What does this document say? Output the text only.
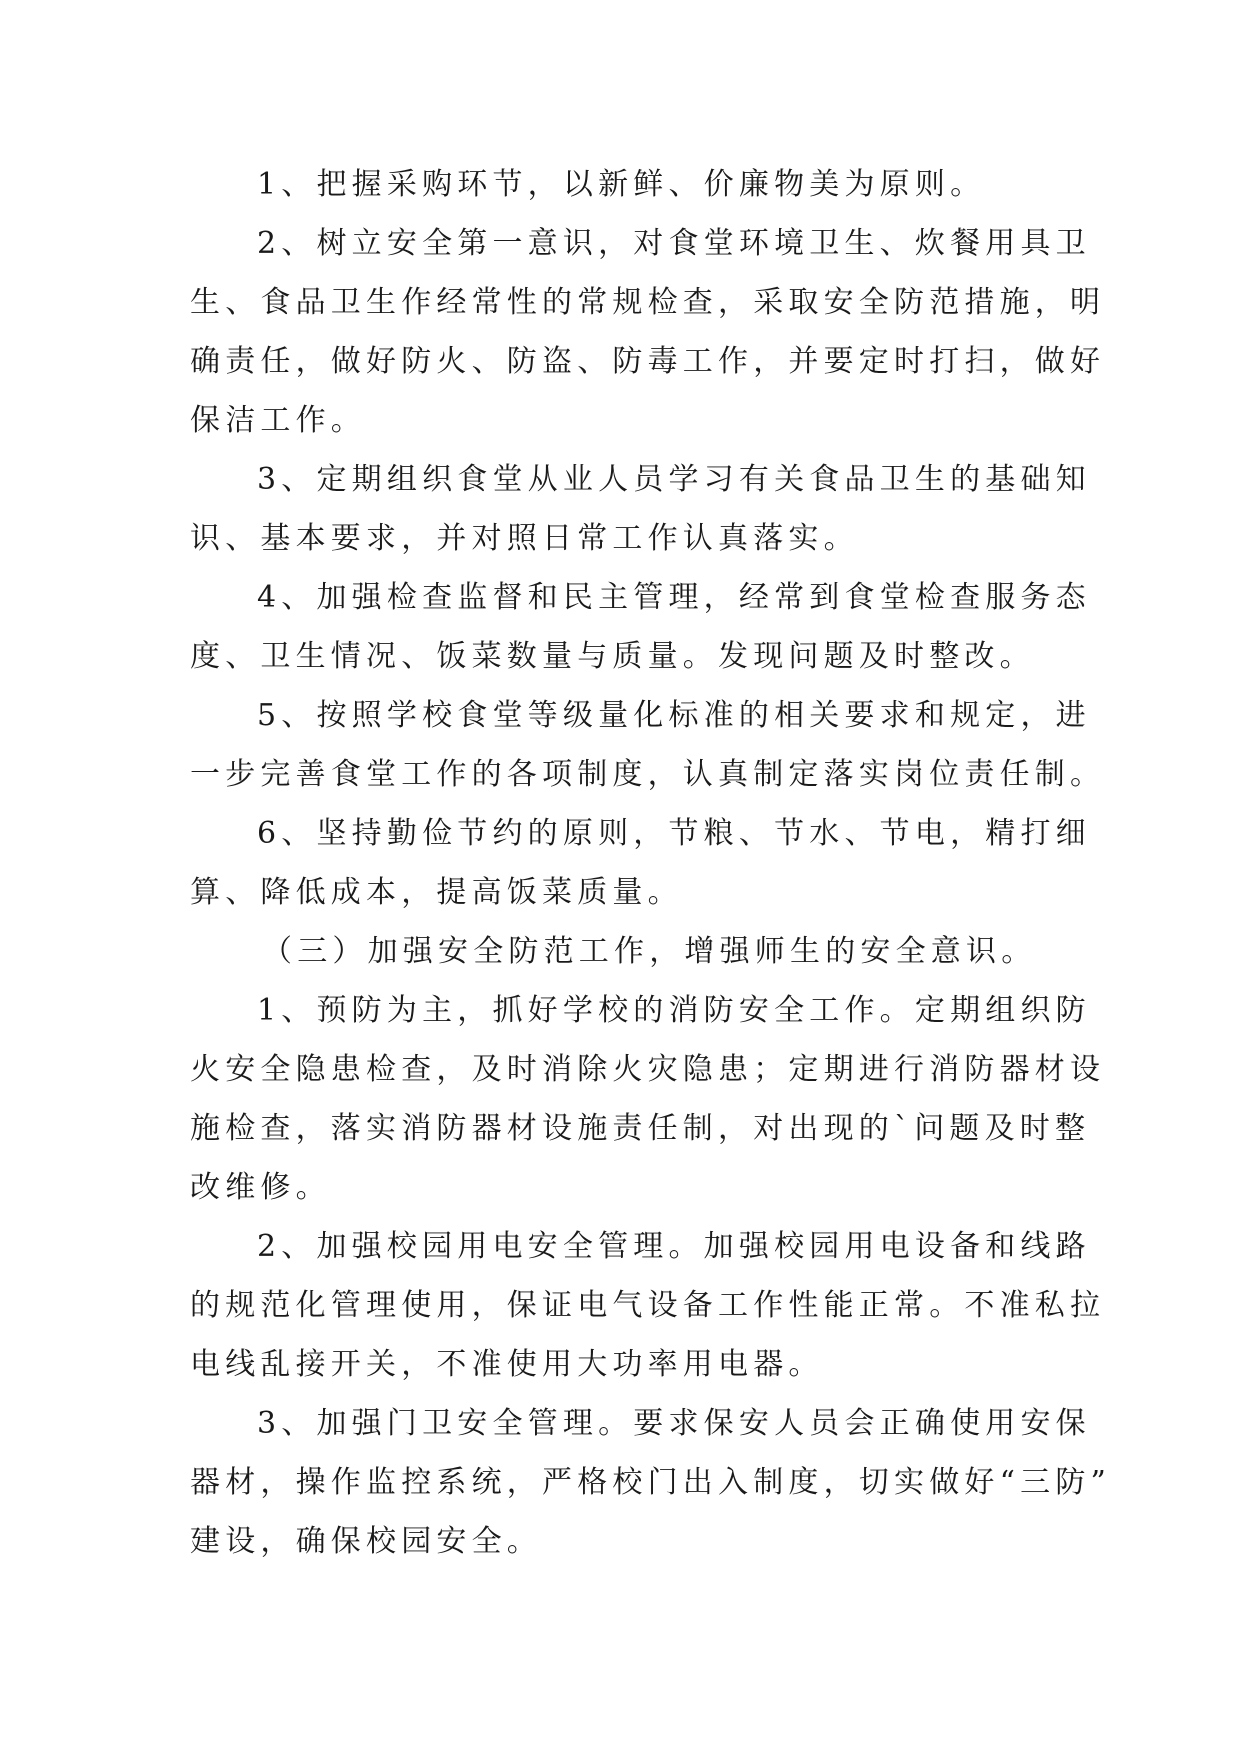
1、把握采购环节，以新鲜、价廉物美为原则。
2、树立安全第一意识，对食堂环境卫生、炊餐用具卫
生、食品卫生作经常性的常规检查，采取安全防范措施，明
确责任，做好防火、防盗、防毒工作，并要定时打扫，做好
保洁工作。
3、定期组织食堂从业人员学习有关食品卫生的基础知
识、基本要求，并对照日常工作认真落实。
4、加强检查监督和民主管理，经常到食堂检查服务态
度、卫生情况、饭菜数量与质量。发现问题及时整改。
5、按照学校食堂等级量化标准的相关要求和规定，进
一步完善食堂工作的各项制度，认真制定落实岗位责任制。
6、坚持勤俭节约的原则，节粮、节水、节电，精打细
算、降低成本，提高饭菜质量。
（三）加强安全防范工作，增强师生的安全意识。
1、预防为主，抓好学校的消防安全工作。定期组织防
火安全隐患检查，及时消除火灾隐患；定期进行消防器材设
施检查，落实消防器材设施责任制，对出现的`问题及时整
改维修。
2、加强校园用电安全管理。加强校园用电设备和线路
的规范化管理使用，保证电气设备工作性能正常。不准私拉
电线乱接开关，不准使用大功率用电器。
3、加强门卫安全管理。要求保安人员会正确使用安保
器材，操作监控系统，严格校门出入制度，切实做好“三防”
建设，确保校园安全。
